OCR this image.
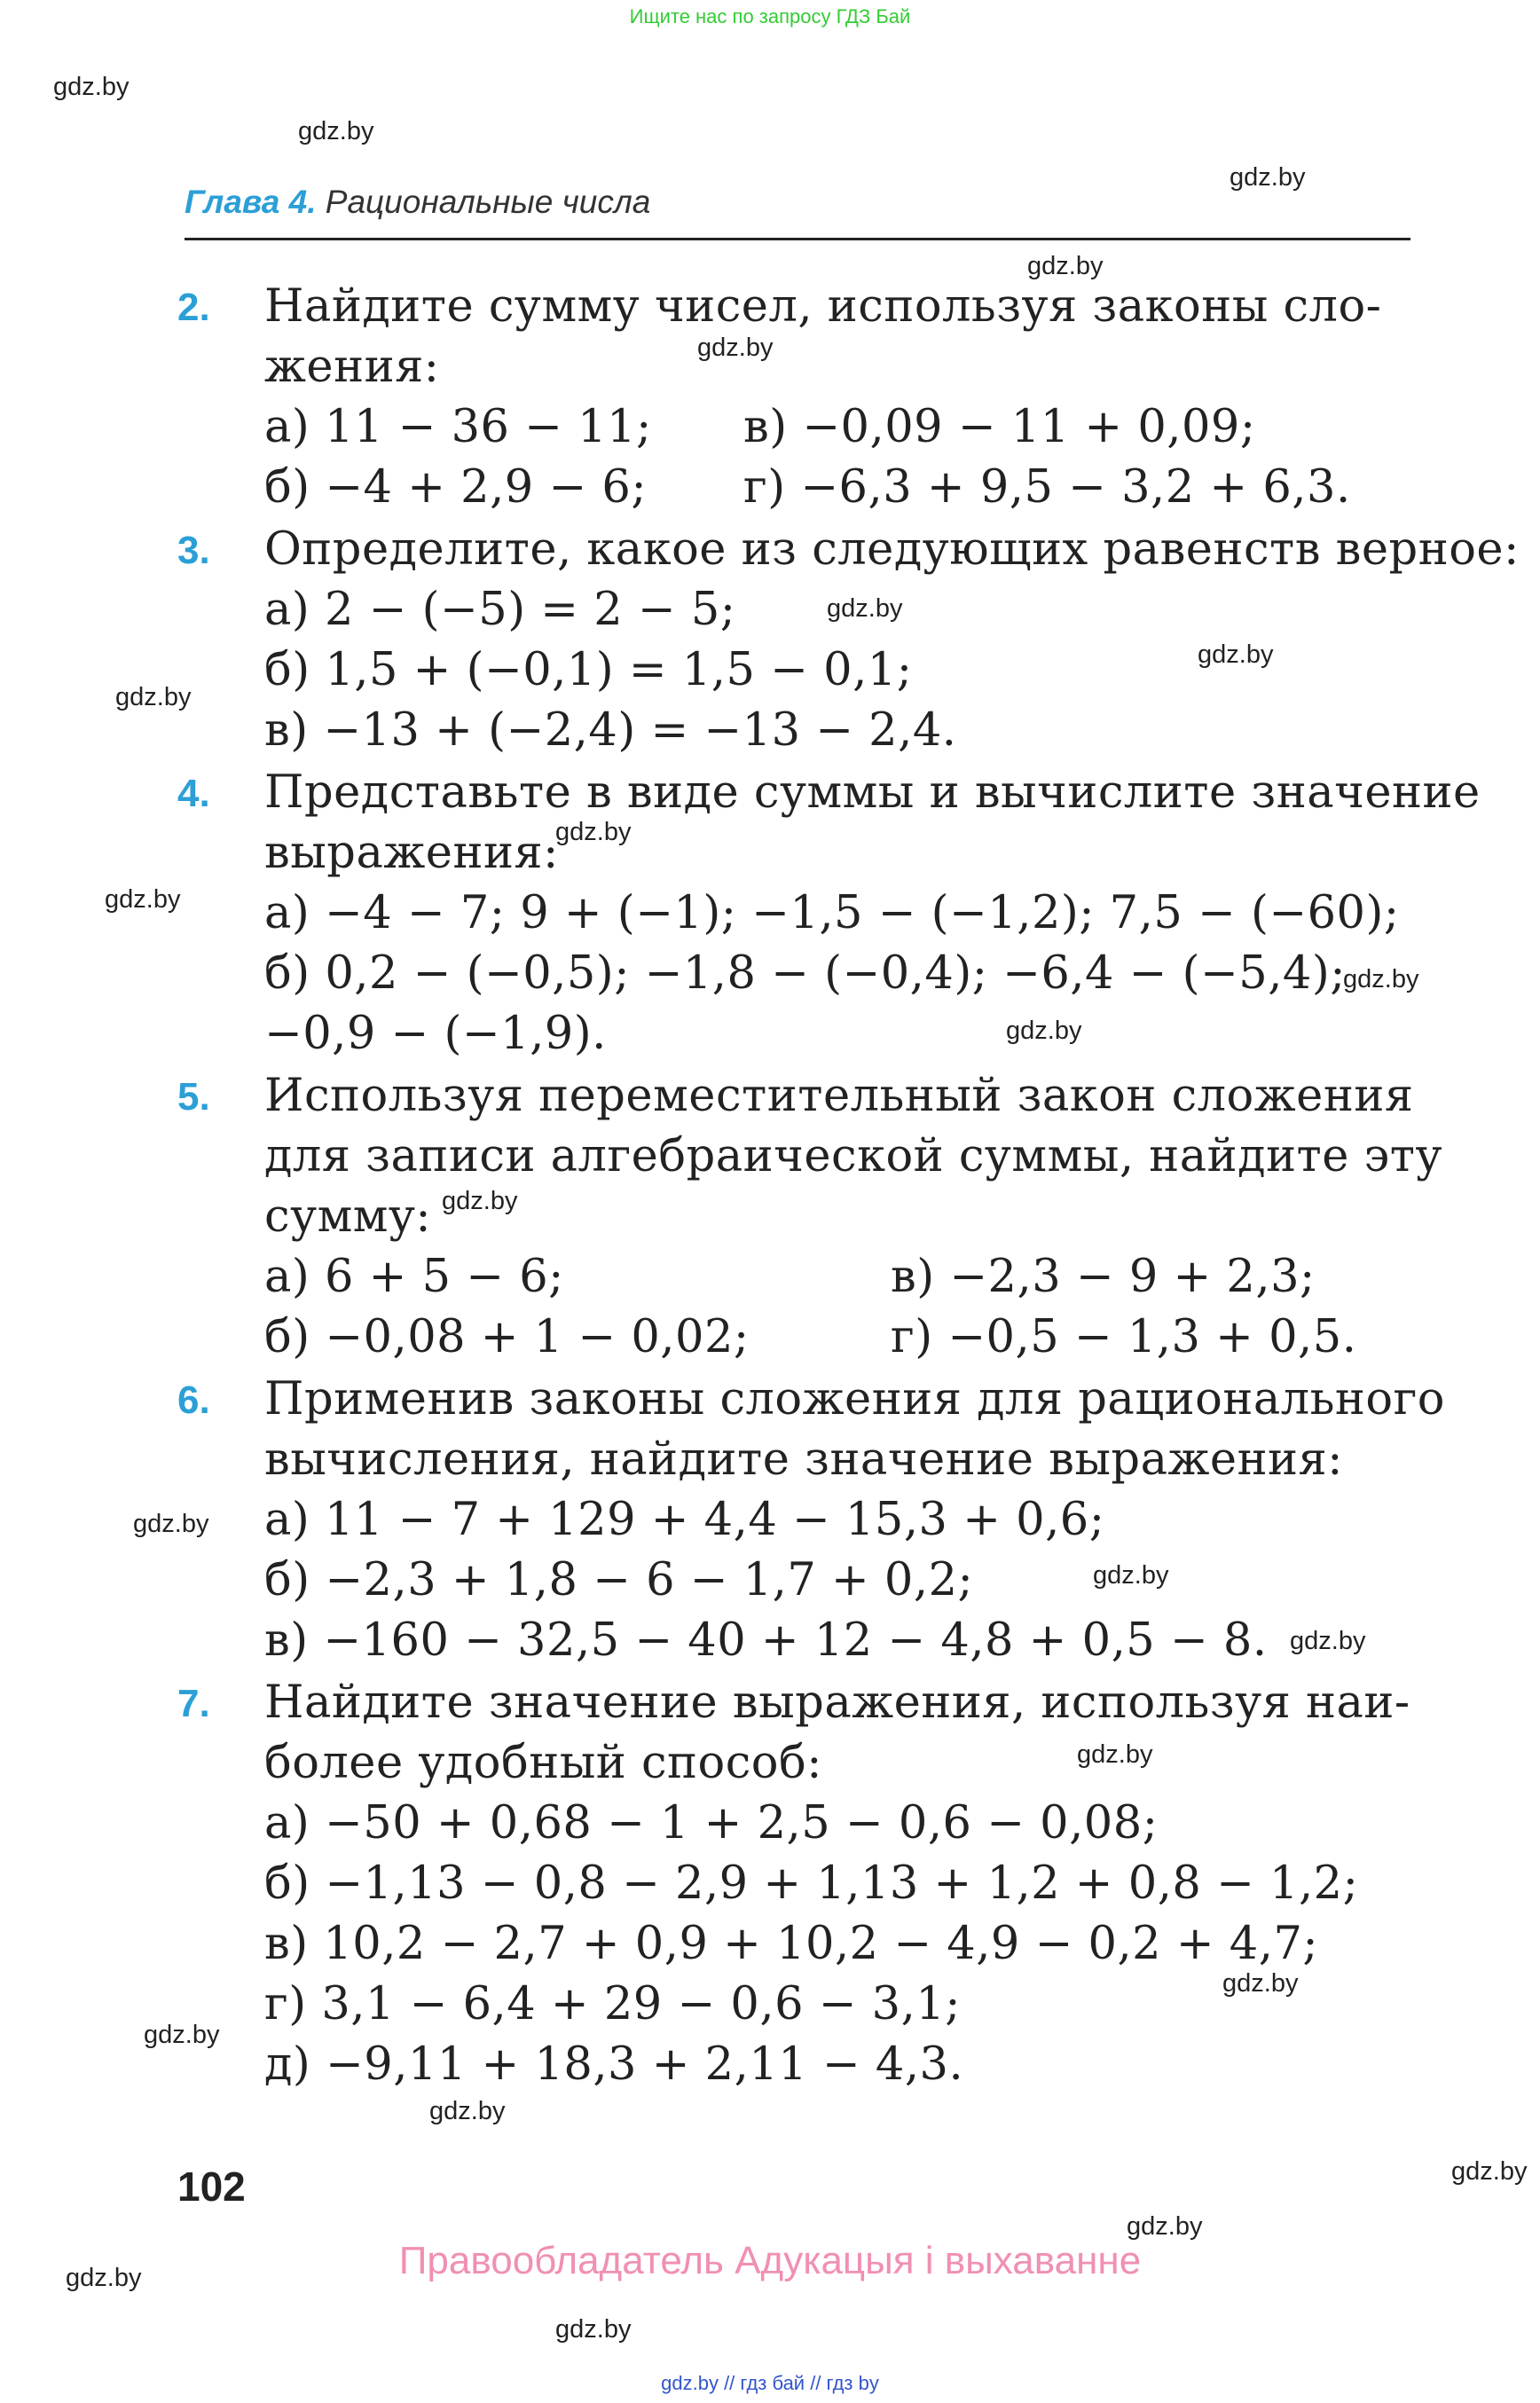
Ищите нас по запросу ГДЗ Бай
gdz.by
gdz.by
gdz.by
gdz.by
gdz.by
gdz.by
gdz.by
gdz.by
gdz.by
gdz.by
gdz.by
gdz.by
gdz.by
gdz.by
gdz.by
gdz.by
gdz.by
gdz.by
gdz.by
gdz.by
gdz.by
gdz.by
gdz.by
gdz.by
Глава 4. Рациональные числа
2. Найдите сумму чисел, используя законы сло-
жения:
а) 11 − 36 − 11; в) −0,09 − 11 + 0,09;
б) −4 + 2,9 − 6; г) −6,3 + 9,5 − 3,2 + 6,3.
3. Определите, какое из следующих равенств верное:
а) 2 − (−5) = 2 − 5;
б) 1,5 + (−0,1) = 1,5 − 0,1;
в) −13 + (−2,4) = −13 − 2,4.
4. Представьте в виде суммы и вычислите значение
выражения:
а) −4 − 7; 9 + (−1); −1,5 − (−1,2); 7,5 − (−60);
б) 0,2 − (−0,5); −1,8 − (−0,4); −6,4 − (−5,4);
−0,9 − (−1,9).
5. Используя переместительный закон сложения
для записи алгебраической суммы, найдите эту
сумму:
а) 6 + 5 − 6;	в) −2,3 − 9 + 2,3;
б) −0,08 + 1 − 0,02;	г) −0,5 − 1,3 + 0,5.
6. Применив законы сложения для рационального
вычисления, найдите значение выражения:
а) 11 − 7 + 129 + 4,4 − 15,3 + 0,6;
б) −2,3 + 1,8 − 6 − 1,7 + 0,2;
в) −160 − 32,5 − 40 + 12 − 4,8 + 0,5 − 8.
7. Найдите значение выражения, используя наи-
более удобный способ:
а) −50 + 0,68 − 1 + 2,5 − 0,6 − 0,08;
б) −1,13 − 0,8 − 2,9 + 1,13 + 1,2 + 0,8 − 1,2;
в) 10,2 − 2,7 + 0,9 + 10,2 − 4,9 − 0,2 + 4,7;
г) 3,1 − 6,4 + 29 − 0,6 − 3,1;
д) −9,11 + 18,3 + 2,11 − 4,3.
102
Правообладатель Адукацыя і выхаванне
gdz.by // гдз бай // гдз by
